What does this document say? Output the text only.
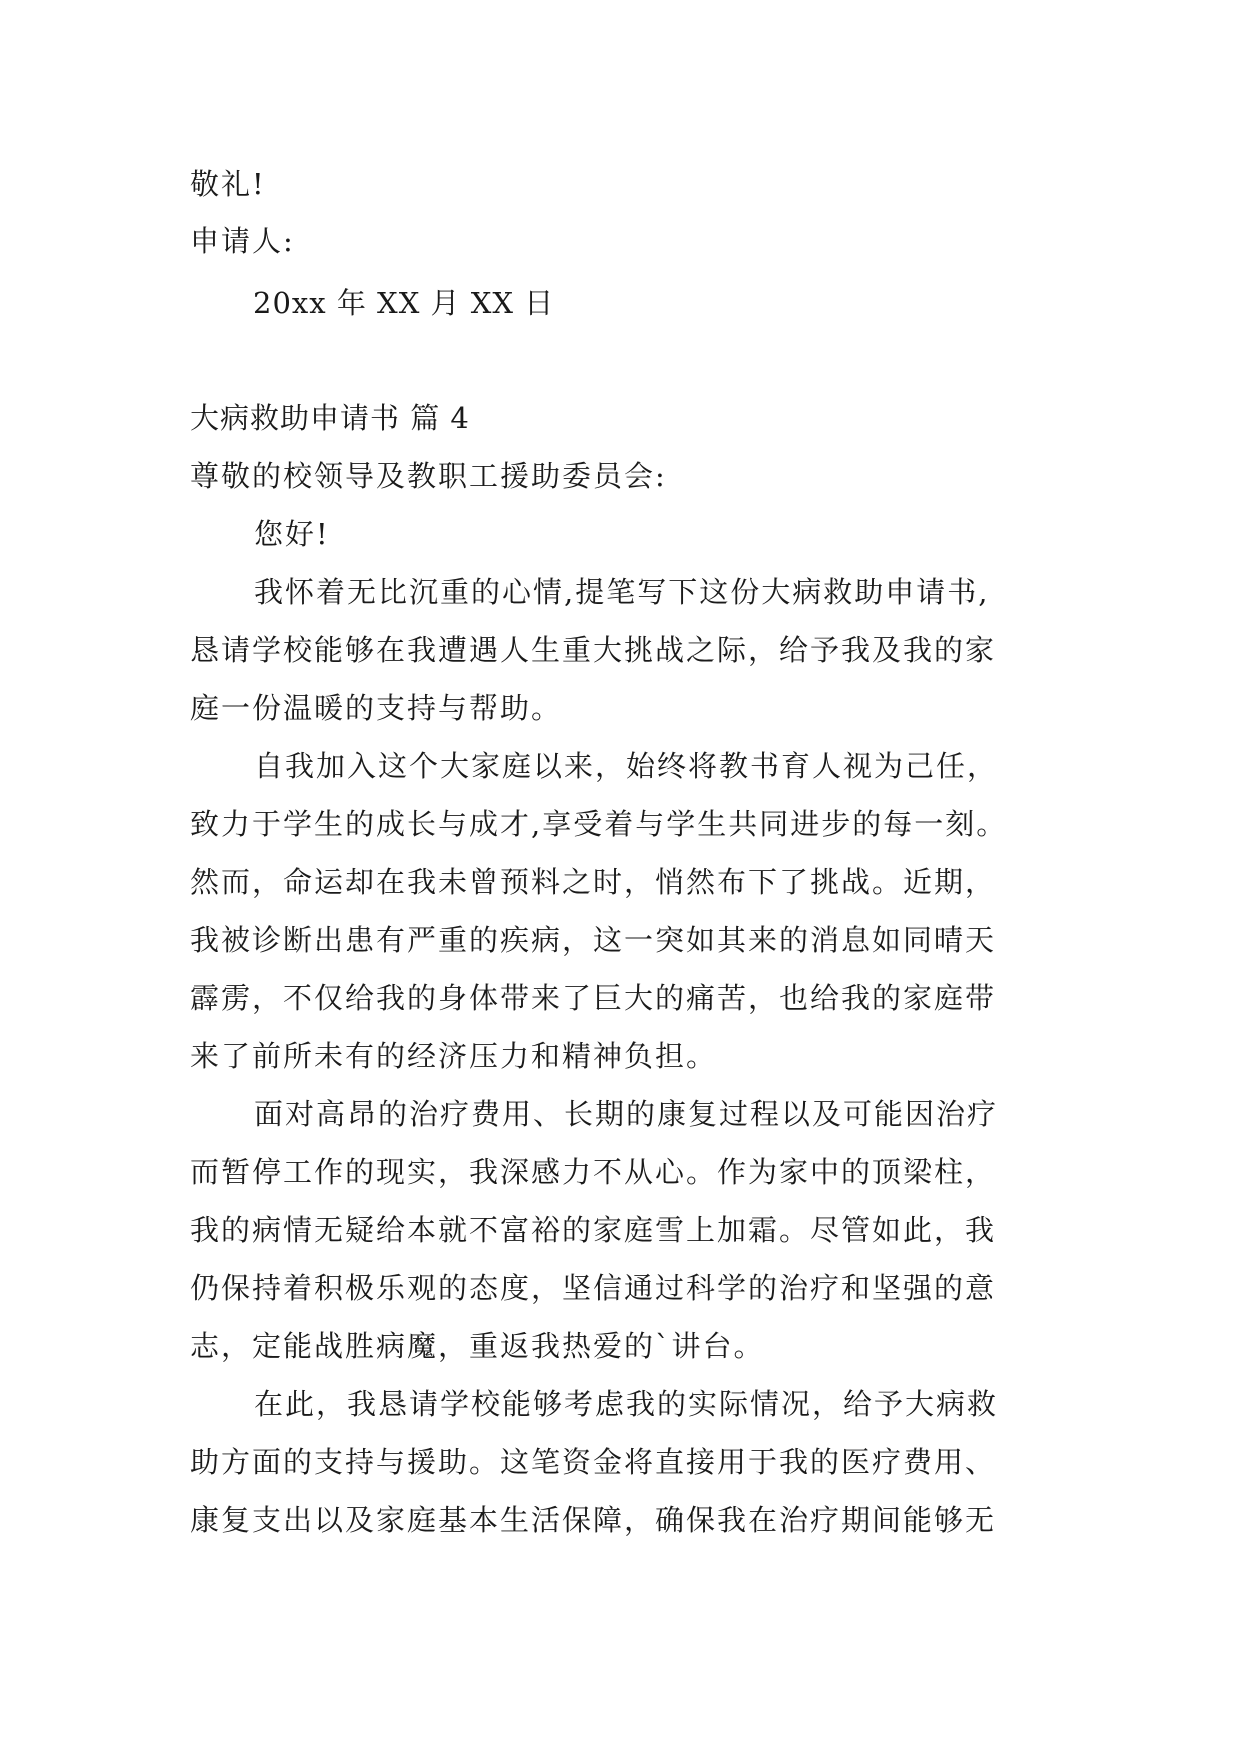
敬礼!
申请人:
20xx 年 XX 月 XX 日
大病救助申请书 篇 4
尊敬的校领导及教职工援助委员会:
您好!
我怀着无比沉重的心情,提笔写下这份大病救助申请书,
恳请学校能够在我遭遇人生重大挑战之际，给予我及我的家
庭一份温暖的支持与帮助。
自我加入这个大家庭以来，始终将教书育人视为己任，
致力于学生的成长与成才,享受着与学生共同进步的每一刻。
然而，命运却在我未曾预料之时，悄然布下了挑战。近期，
我被诊断出患有严重的疾病，这一突如其来的消息如同晴天
霹雳，不仅给我的身体带来了巨大的痛苦，也给我的家庭带
来了前所未有的经济压力和精神负担。
面对高昂的治疗费用、长期的康复过程以及可能因治疗
而暂停工作的现实，我深感力不从心。作为家中的顶梁柱，
我的病情无疑给本就不富裕的家庭雪上加霜。尽管如此，我
仍保持着积极乐观的态度，坚信通过科学的治疗和坚强的意
志，定能战胜病魔，重返我热爱的`讲台。
在此，我恳请学校能够考虑我的实际情况，给予大病救
助方面的支持与援助。这笔资金将直接用于我的医疗费用、
康复支出以及家庭基本生活保障，确保我在治疗期间能够无
